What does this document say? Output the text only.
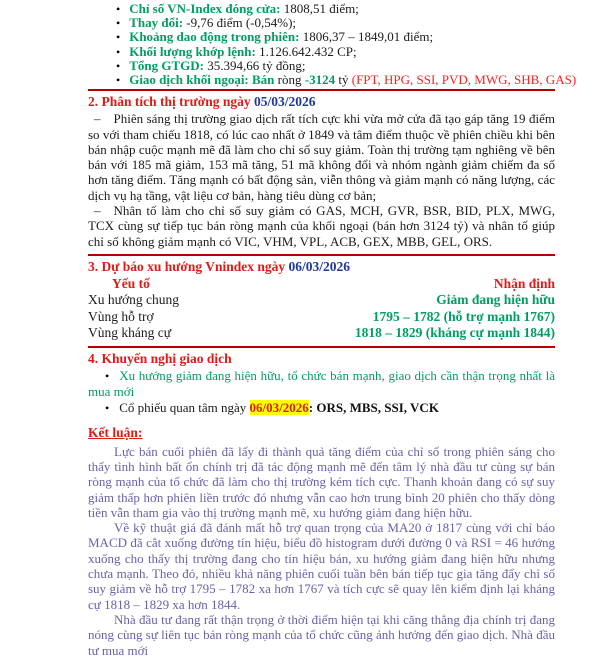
• Chỉ số VN-Index đóng cửa: 1808,51 điểm;
• Thay đổi: -9,76 điểm (-0,54%);
• Khoảng dao động trong phiên: 1806,37 – 1849,01 điểm;
• Khối lượng khớp lệnh: 1.126.642.432 CP;
• Tổng GTGD: 35.394,66 tỷ đồng;
• Giao dịch khối ngoại: Bán ròng -3124 tỷ (FPT, HPG, SSI, PVD, MWG, SHB, GAS)
2. Phân tích thị trường ngày 05/03/2026

– Phiên sáng thị trường giao dịch rất tích cực khi vừa mở cửa đã tạo gáp tăng 19 điểm so với tham chiếu 1818, có lúc cao nhất ở 1849 và tâm điểm thuộc về phiên chiều khi bên bán nhập cuộc mạnh mẽ đã làm cho chỉ số suy giảm. Toàn thị trường tạm nghiêng về bên bán với 185 mã giảm, 153 mã tăng, 51 mã không đổi và nhóm ngành giảm chiếm đa số hơn tăng điểm. Tăng mạnh có bất động sản, viễn thông và giảm mạnh có năng lượng, các dịch vụ hạ tầng, vật liệu cơ bản, hàng tiêu dùng cơ bản;

– Nhân tố làm cho chỉ số suy giảm có GAS, MCH, GVR, BSR, BID, PLX, MWG, TCX cùng sự tiếp tục bán ròng mạnh của khối ngoại (bán hơn 3124 tỷ) và nhân tố giúp chỉ số không giảm mạnh có VIC, VHM, VPL, ACB, GEX, MBB, GEL, ORS.

3. Dự báo xu hướng Vnindex ngày 06/03/2026
Yếu tố	Nhận định
Xu hướng chung	Giảm đang hiện hữu
Vùng hỗ trợ	1795 – 1782 (hỗ trợ mạnh 1767)
Vùng kháng cự	1818 – 1829 (kháng cự mạnh 1844)
4. Khuyến nghị giao dịch
• Xu hướng giảm đang hiện hữu, tổ chức bán mạnh, giao dịch cần thận trọng nhất là mua mới
• Cổ phiếu quan tâm ngày 06/03/2026: ORS, MBS, SSI, VCK
Kết luận:

Lực bán cuối phiên đã lấy đi thành quả tăng điểm của chỉ số trong phiên sáng cho thấy tình hình bất ổn chính trị đã tác động mạnh mẽ đến tâm lý nhà đầu tư cùng sự bán ròng mạnh của tổ chức đã làm cho thị trường kém tích cực. Thanh khoản đang có sự suy giảm thấp hơn phiên liền trước đó nhưng vẫn cao hơn trung bình 20 phiên cho thấy dòng tiền vẫn tham gia vào thị trường mạnh mẽ, xu hướng giảm đang hiện hữu.

Về kỹ thuật giá đã đánh mất hỗ trợ quan trọng của MA20 ở 1817 cùng với chỉ báo MACD đã cắt xuống đường tín hiệu, biểu đồ histogram dưới đường 0 và RSI = 46 hướng xuống cho thấy thị trường đang cho tín hiệu bán, xu hướng giảm đang hiện hữu nhưng chưa mạnh. Theo đó, nhiều khả năng phiên cuối tuần bên bán tiếp tục gia tăng đẩy chỉ số suy giảm về hỗ trợ 1795 – 1782 xa hơn 1767 và tích cực sẽ quay lên kiểm định lại kháng cự 1818 – 1829 xa hơn 1844.

Nhà đầu tư đang rất thận trọng ở thời điểm hiện tại khi căng thẳng địa chính trị đang nóng cùng sự liên tục bán ròng mạnh của tổ chức cũng ảnh hưởng đến giao dịch. Nhà đầu tư mua mới
